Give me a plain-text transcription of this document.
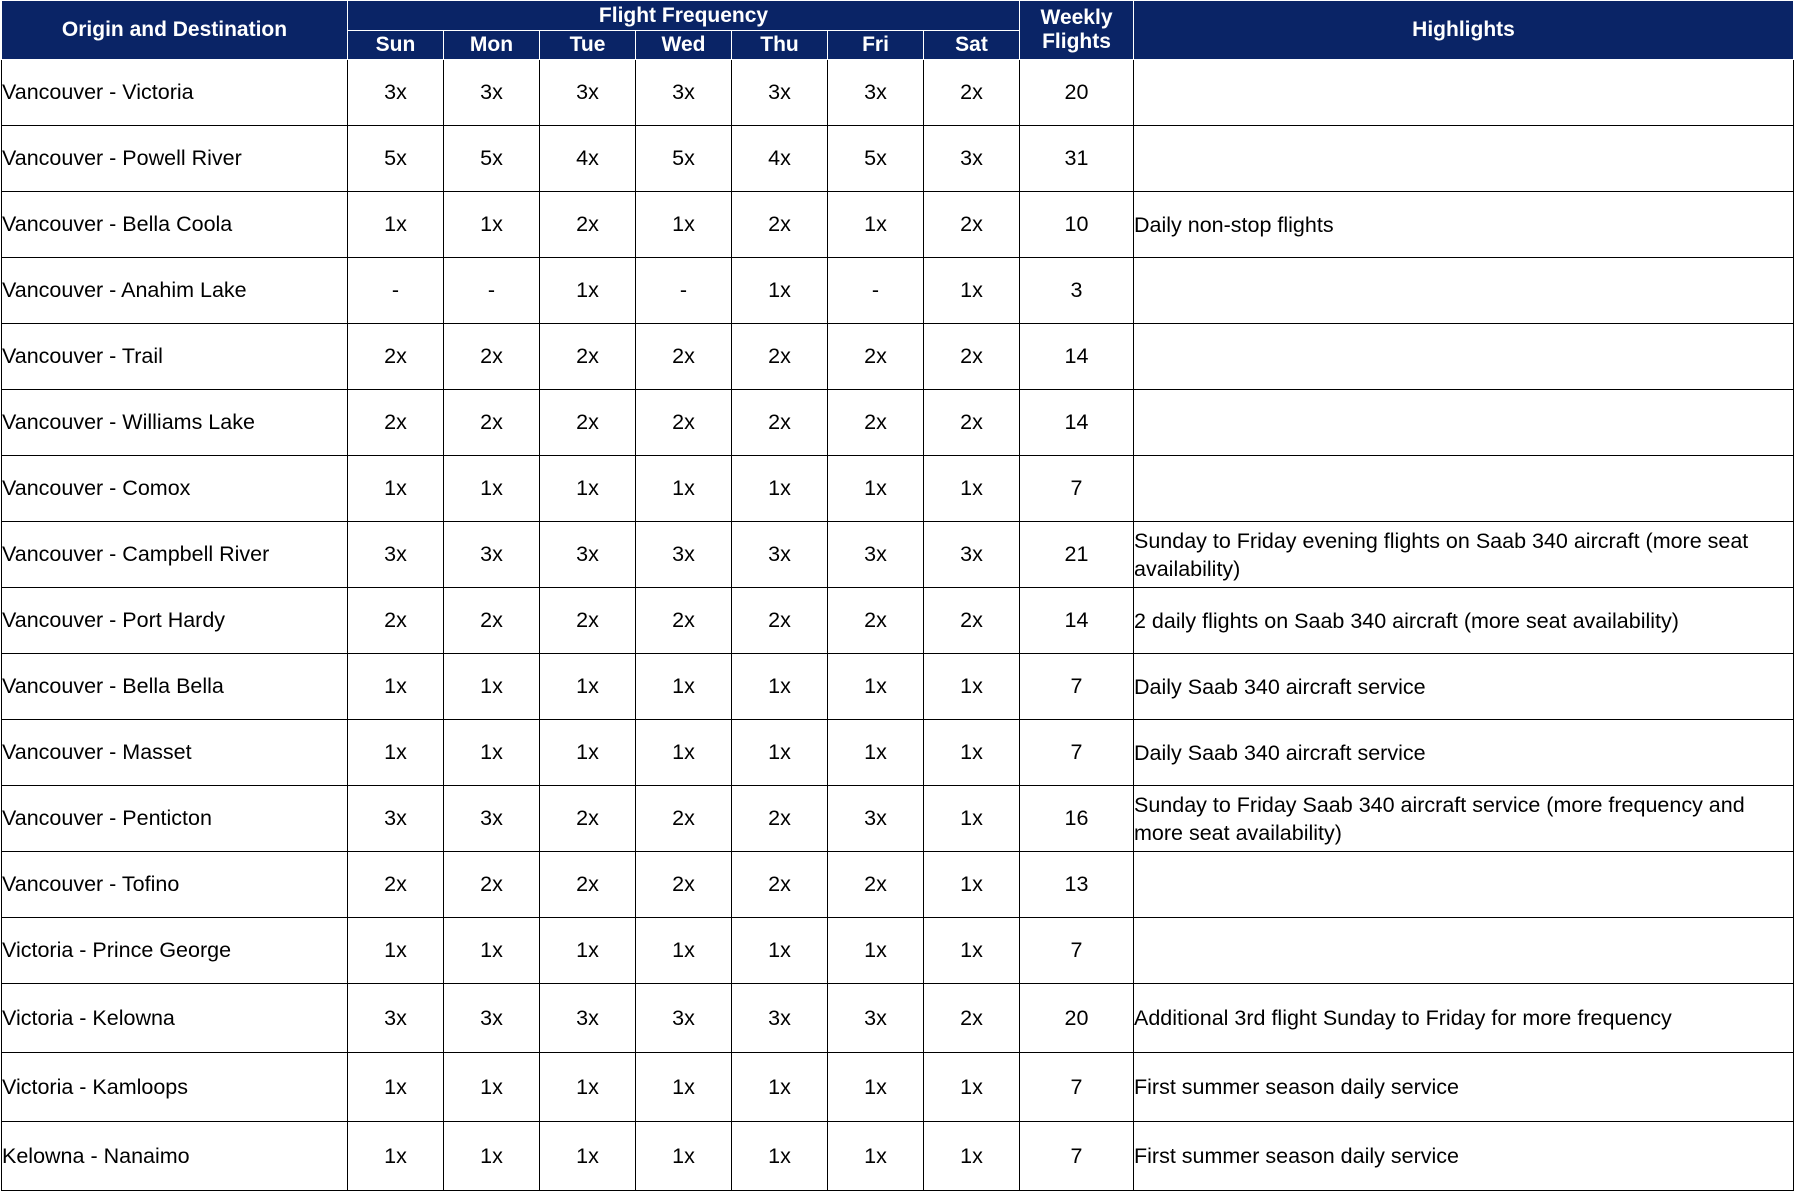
Origin and Destination	Flight Frequency							Weekly Flights	Highlights
	Sun	Mon	Tue	Wed	Thu	Fri	Sat		
Vancouver - Victoria	3x	3x	3x	3x	3x	3x	2x	20	
Vancouver - Powell River	5x	5x	4x	5x	4x	5x	3x	31	
Vancouver - Bella Coola	1x	1x	2x	1x	2x	1x	2x	10	Daily non-stop flights
Vancouver - Anahim Lake	-	-	1x	-	1x	-	1x	3	
Vancouver - Trail	2x	2x	2x	2x	2x	2x	2x	14	
Vancouver - Williams Lake	2x	2x	2x	2x	2x	2x	2x	14	
Vancouver - Comox	1x	1x	1x	1x	1x	1x	1x	7	
Vancouver - Campbell River	3x	3x	3x	3x	3x	3x	3x	21	Sunday to Friday evening flights on Saab 340 aircraft (more seat availability)
Vancouver - Port Hardy	2x	2x	2x	2x	2x	2x	2x	14	2 daily flights on Saab 340 aircraft (more seat availability)
Vancouver - Bella Bella	1x	1x	1x	1x	1x	1x	1x	7	Daily Saab 340 aircraft service
Vancouver - Masset	1x	1x	1x	1x	1x	1x	1x	7	Daily Saab 340 aircraft service
Vancouver - Penticton	3x	3x	2x	2x	2x	3x	1x	16	Sunday to Friday Saab 340 aircraft service (more frequency and more seat availability)
Vancouver - Tofino	2x	2x	2x	2x	2x	2x	1x	13	
Victoria - Prince George	1x	1x	1x	1x	1x	1x	1x	7	
Victoria - Kelowna	3x	3x	3x	3x	3x	3x	2x	20	Additional 3rd flight Sunday to Friday for more frequency
Victoria - Kamloops	1x	1x	1x	1x	1x	1x	1x	7	First summer season daily service
Kelowna - Nanaimo	1x	1x	1x	1x	1x	1x	1x	7	First summer season daily service
